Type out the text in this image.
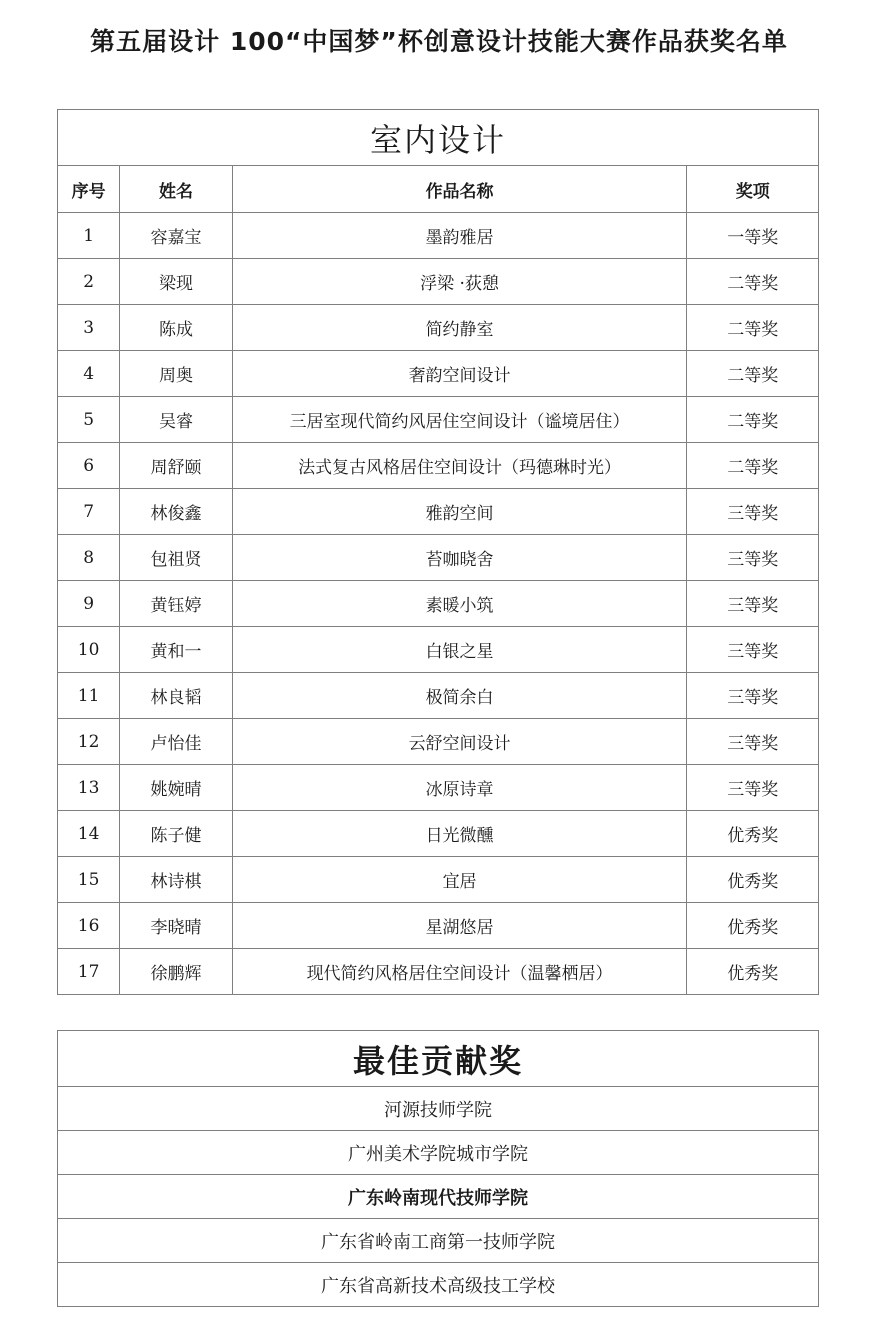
第五届设计 100“中国梦”杯创意设计技能大赛作品获奖名单
室内设计			
序号	姓名	作品名称	奖项
1	容嘉宝	墨韵雅居	一等奖
2	梁现	浮梁 ·荻憩	二等奖
3	陈成	简约静室	二等奖
4	周奥	奢韵空间设计	二等奖
5	吴睿	三居室现代简约风居住空间设计（谧境居住）	二等奖
6	周舒颐	法式复古风格居住空间设计（玛德琳时光）	二等奖
7	林俊鑫	雅韵空间	三等奖
8	包祖贤	苔咖晓舍	三等奖
9	黄钰婷	素暖小筑	三等奖
10	黄和一	白银之星	三等奖
11	林良韬	极简余白	三等奖
12	卢怡佳	云舒空间设计	三等奖
13	姚婉晴	冰原诗章	三等奖
14	陈子健	日光微醺	优秀奖
15	林诗棋	宜居	优秀奖
16	李晓晴	星湖悠居	优秀奖
17	徐鹏辉	现代简约风格居住空间设计（温馨栖居）	优秀奖
最佳贡献奖
河源技师学院
广州美术学院城市学院
广东岭南现代技师学院
广东省岭南工商第一技师学院
广东省高新技术高级技工学校
